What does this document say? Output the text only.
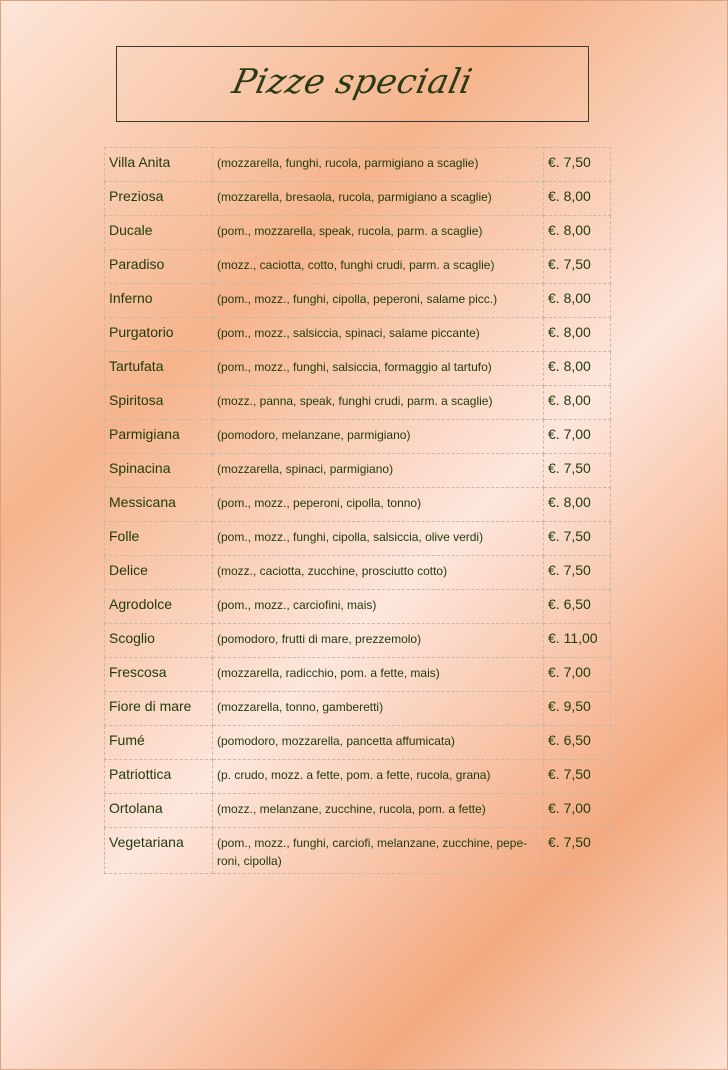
Pizze speciali
Villa Anita	(mozzarella, funghi, rucola, parmigiano a scaglie)	€. 7,50
Preziosa	(mozzarella, bresaola, rucola, parmigiano a scaglie)	€. 8,00
Ducale	(pom., mozzarella, speak, rucola, parm. a scaglie)	€. 8,00
Paradiso	(mozz., caciotta, cotto, funghi crudi, parm. a scaglie)	€. 7,50
Inferno	(pom., mozz., funghi, cipolla, peperoni, salame picc.)	€. 8,00
Purgatorio	(pom., mozz., salsiccia, spinaci, salame piccante)	€. 8,00
Tartufata	(pom., mozz., funghi, salsiccia, formaggio al tartufo)	€. 8,00
Spiritosa	(mozz., panna, speak, funghi crudi, parm. a scaglie)	€. 8,00
Parmigiana	(pomodoro, melanzane, parmigiano)	€. 7,00
Spinacina	(mozzarella, spinaci, parmigiano)	€. 7,50
Messicana	(pom., mozz., peperoni, cipolla, tonno)	€. 8,00
Folle	(pom., mozz., funghi, cipolla, salsiccia, olive verdi)	€. 7,50
Delice	(mozz., caciotta, zucchine, prosciutto cotto)	€. 7,50
Agrodolce	(pom., mozz., carciofini, mais)	€. 6,50
Scoglio	(pomodoro, frutti di mare, prezzemolo)	€. 11,00
Frescosa	(mozzarella, radicchio, pom. a fette, mais)	€. 7,00
Fiore di mare	(mozzarella, tonno, gamberetti)	€. 9,50
Fumé	(pomodoro, mozzarella, pancetta affumicata)	€. 6,50
Patriottica	(p. crudo, mozz. a fette, pom. a fette, rucola, grana)	€. 7,50
Ortolana	(mozz., melanzane, zucchine, rucola, pom. a fette)	€. 7,00
Vegetariana	(pom., mozz., funghi, carciofi, melanzane, zucchine, pepe-roni, cipolla)	€. 7,50
